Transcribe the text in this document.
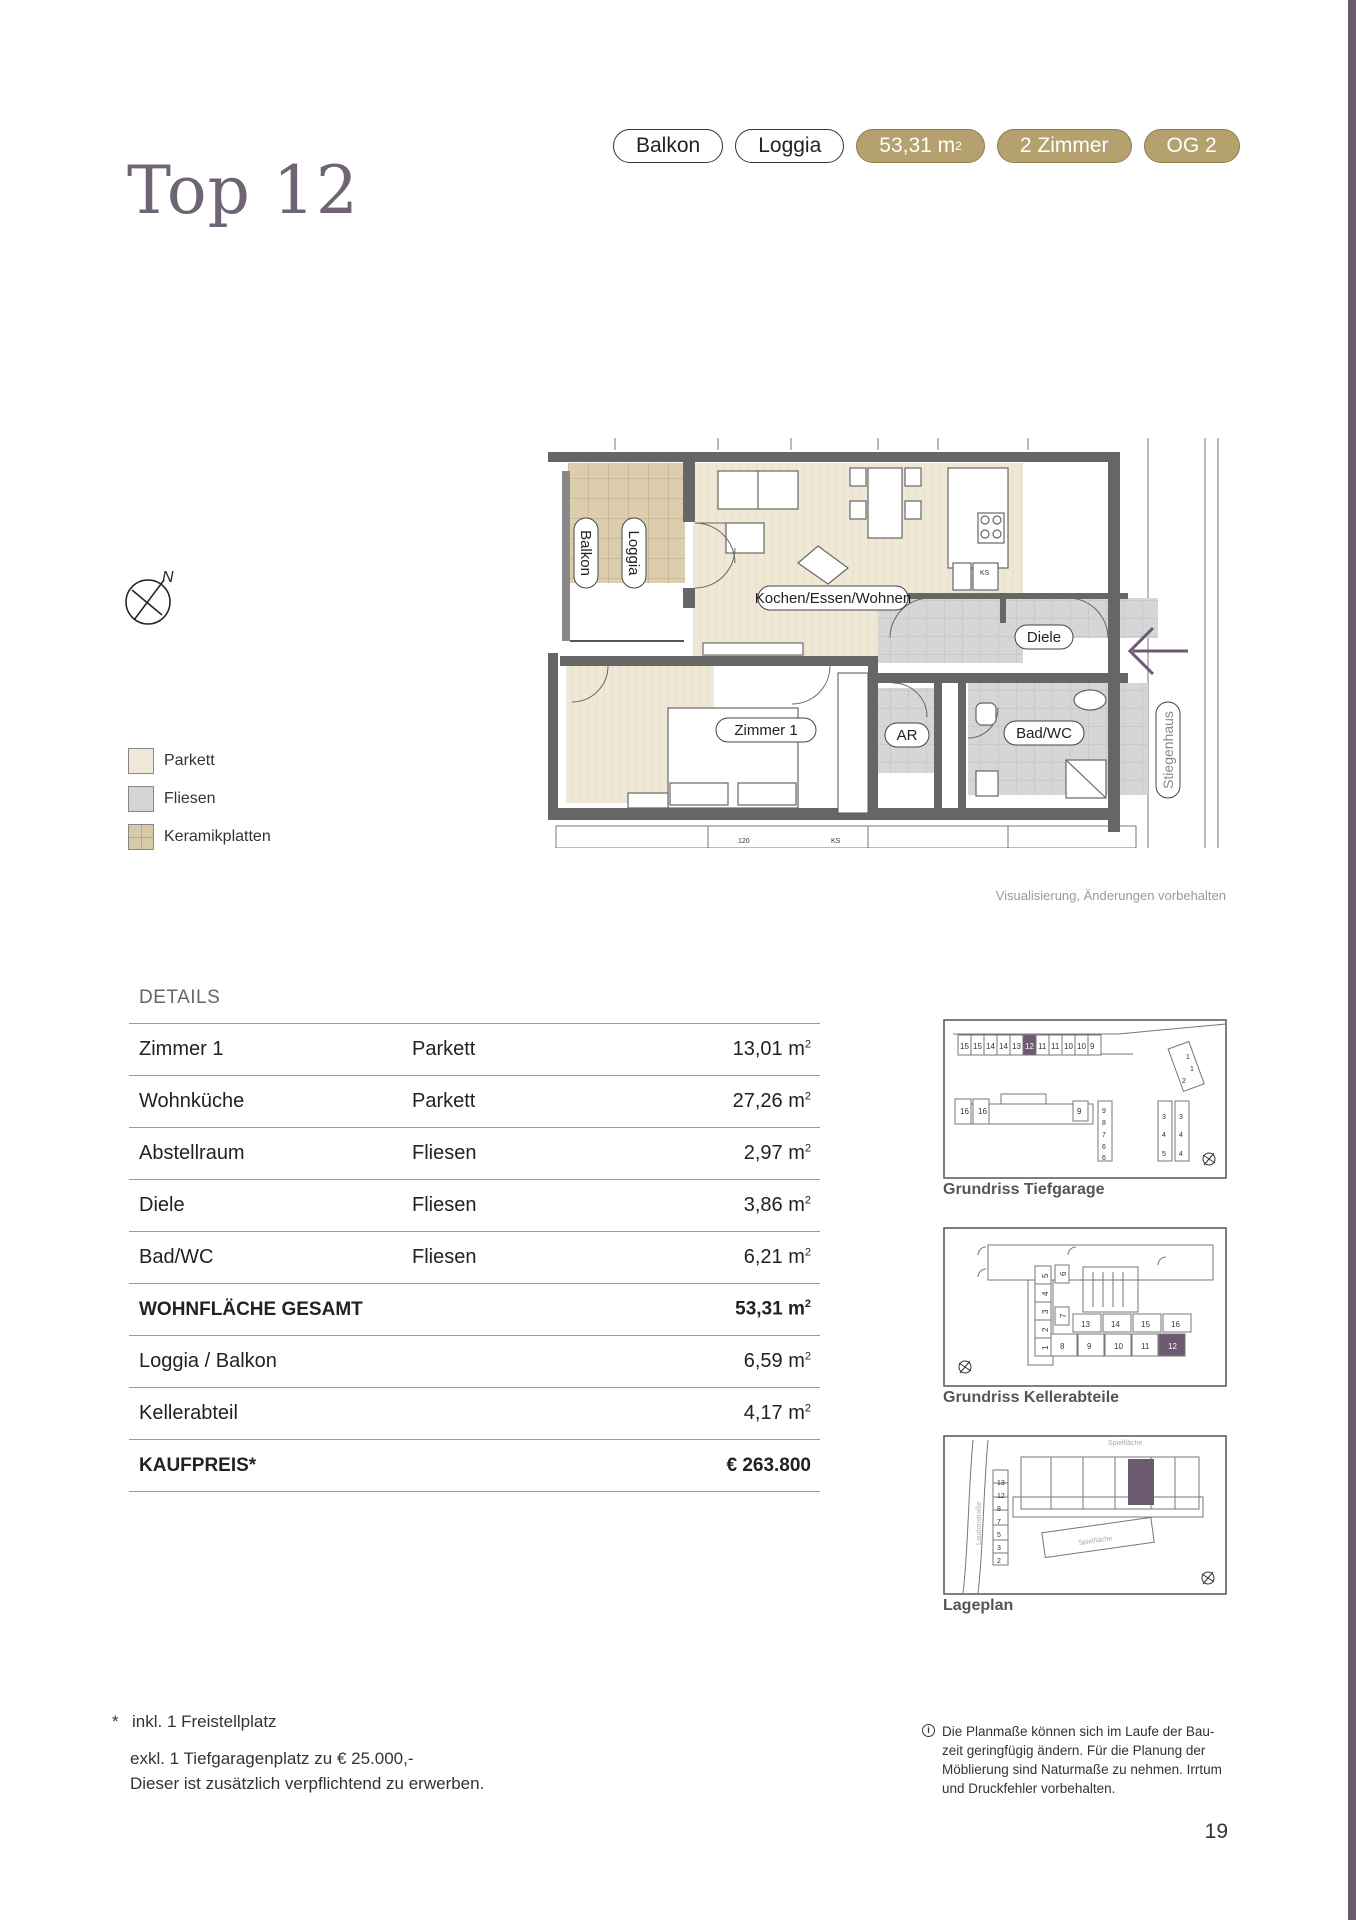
Top 12
Balkon	Loggia	53,31 m 2	2 Zimmer	OG 2
Kochen/Essen/Wohnen
Zimmer 1	AR	Bad/WC
Diele
Balkon Loggia
Stiegenhaus
KS
KS
120
N
Parkett
Fliesen
Keramikplatten
Visualisierung, Änderungen vorbehalten
DETAILS
Zimmer 1	Parkett	13,01 $m^2$
Wohnküche	Parkett	27,26 $m^2$
Abstellraum	Fliesen	2,97 $m^2$
Diele	Fliesen	3,86 $m^2$
Bad/WC	Fliesen	6,21 $m^2$
WOHNFLÄCHE GESAMT		53,31 $m^2$
Loggia / Balkon		6,59 $m^2$
Kellerabteil		4,17 $m^2$
KAUFPREIS*		€ 263.800
15 15 14 14 13 12 11 11 10 10 9
16 16	9	9
8
7
6
6
3
4
5
3
4
4
1
1
2
Grundriss Tiefgarage
1
2
3
4
5
13	14	15	16
8	9	10 11 12
6
7
Grundriss Kellerabteile
Spielfläche
Spielfläche
Laudonstraße
2
3
5
7
8
12
13
Lageplan
* inkl. 1 Freistellplatz
exkl. 1 Tiefgaragenplatz zu € 25.000,-
Dieser ist zusätzlich verpflichtend zu erwerben.
i Die Planmaße können sich im Laufe der Bau-
zeit geringfügig ändern. Für die Planung der
Möblierung sind Naturmaße zu nehmen. Irrtum
und Druckfehler vorbehalten.
19
